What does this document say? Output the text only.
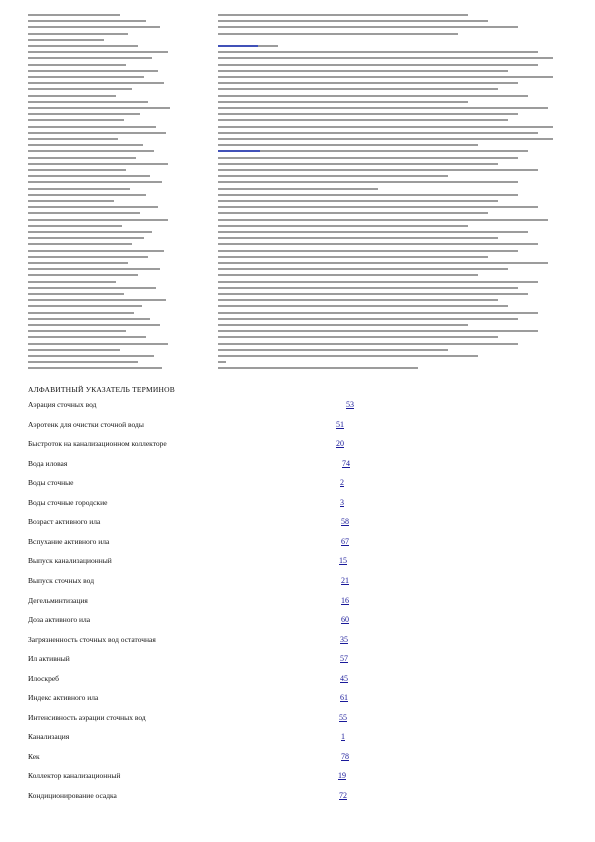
АЛФАВИТНЫЙ УКАЗАТЕЛЬ ТЕРМИНОВ
Аэрация сточных вод	53
Аэротенк для очистки сточной воды	51
Быстроток на канализационном коллекторе	20
Вода иловая	74
Воды сточные	2
Воды сточные городские	3
Возраст активного ила	58
Вспухание активного ила	67
Выпуск канализационный	15
Выпуск сточных вод	21
Дегельминтизация	16
Доза активного ила	60
Загрязненность сточных вод остаточная	35
Ил активный	57
Илоскреб	45
Индекс активного ила	61
Интенсивность аэрации сточных вод	55
Канализация	1
Кек	78
Коллектор канализационный	19
Кондиционирование осадка	72
